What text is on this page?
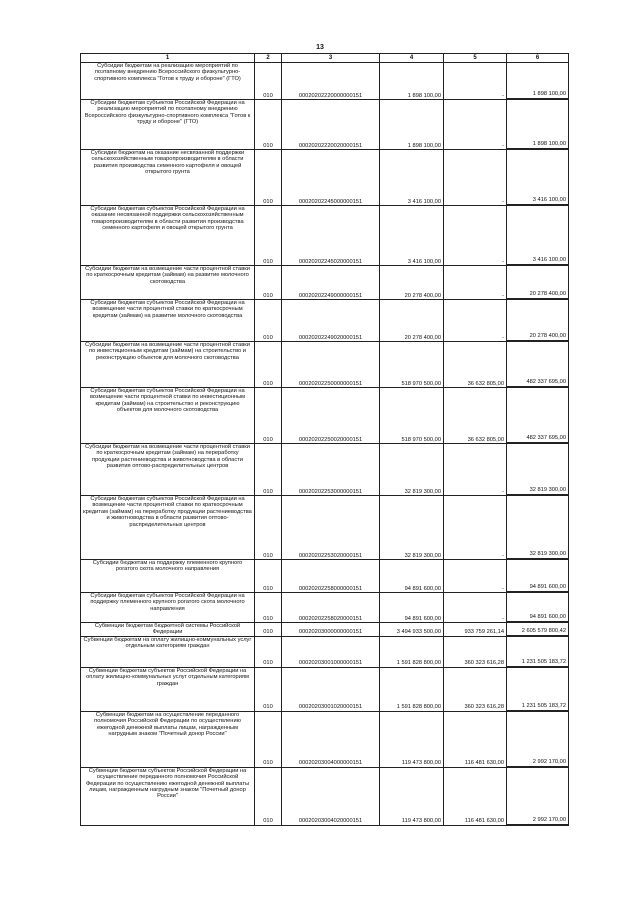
13
1	2	3	4	5	6
Субсидии бюджетам на реализацию мероприятий по поэтапному внедрению Всероссийского физкультурно-спортивного комплекса "Готов к труду и обороне" (ГТО)	010	00020202220000000151	1 898 100,00	-	1 898 100,00

Субсидии бюджетам субъектов Российской Федерации на реализацию мероприятий по поэтапному внедрению Всероссийского физкультурно-спортивного комплекса "Готов к труду и обороне" (ГТО)	010	00020202220020000151	1 898 100,00	-	1 898 100,00

Субсидии бюджетам на оказание несвязанной поддержки сельскохозяйственным товаропроизводителям в области развития производства семенного картофеля и овощей открытого грунта	010	00020202245000000151	3 416 100,00	-	3 416 100,00

Субсидии бюджетам субъектов Российской Федерации на оказание несвязанной поддержки сельскохозяйственным товаропроизводителям в области развития производства семенного картофеля и овощей открытого грунта	010	00020202245020000151	3 416 100,00	-	3 416 100,00

Субсидии бюджетам на возмещение части процентной ставки по краткосрочным кредитам (займам) на развитие молочного скотоводства	010	00020202249000000151	20 278 400,00	-	20 278 400,00

Субсидии бюджетам субъектов Российской Федерации на возмещение части процентной ставки по краткосрочным кредитам (займам) на развитие молочного скотоводства	010	00020202249020000151	20 278 400,00	-	20 278 400,00

Субсидии бюджетам на возмещение части процентной ставки по инвестиционным кредитам (займам) на строительство и реконструкцию объектов для молочного скотоводства	010	00020202250000000151	518 970 500,00	36 632 805,00	482 337 695,00

Субсидии бюджетам субъектов Российской Федерации на возмещение части процентной ставки по инвестиционным кредитам (займам) на строительство и реконструкцию объектов для молочного скотоводства	010	00020202250020000151	518 970 500,00	36 632 805,00	482 337 695,00

Субсидии бюджетам на возмещение части процентной ставки по краткосрочным кредитам (займам) на переработку продукции растениеводства и животноводства в области развития оптово-распределительных центров	010	00020202253000000151	32 819 300,00	-	32 819 300,00

Субсидии бюджетам субъектов Российской Федерации на возмещение части процентной ставки по краткосрочным кредитам (займам) на переработку продукции растениеводства и животноводства в области развития оптово-распределительных центров	010	00020202253020000151	32 819 300,00	-	32 819 300,00

Субсидии бюджетам на поддержку племенного крупного рогатого скота молочного направления	010	00020202258000000151	94 891 600,00	-	94 891 600,00

Субсидии бюджетам субъектов Российской Федерации на поддержку племенного крупного рогатого скота молочного направления	010	00020202258020000151	94 891 600,00	-	94 891 600,00

Субвенции бюджетам бюджетной системы Российской Федерации	010	00020203000000000151	3 494 933 500,00	933 759 261,14	2 605 579 800,42

Субвенции бюджетам на оплату жилищно-коммунальных услуг отдельным категориям граждан	010	00020203001000000151	1 591 828 800,00	360 323 616,28	1 231 505 183,72

Субвенции бюджетам субъектов Российской Федерации на оплату жилищно-коммунальных услуг отдельным категориям граждан	010	00020203001020000151	1 591 828 800,00	360 323 616,28	1 231 505 183,72

Субвенции бюджетам на осуществление переданного полномочия Российской Федерации по осуществлению ежегодной денежной выплаты лицам, награжденным нагрудным знаком "Почетный донор России"	010	00020203004000000151	119 473 800,00	116 481 630,00	2 992 170,00

Субвенции бюджетам субъектов Российской Федерации на осуществление переданного полномочия Российской Федерации по осуществлению ежегодной денежной выплаты лицам, награжденным нагрудным знаком "Почетный донор России"	010	00020203004020000151	119 473 800,00	116 481 630,00	2 992 170,00
